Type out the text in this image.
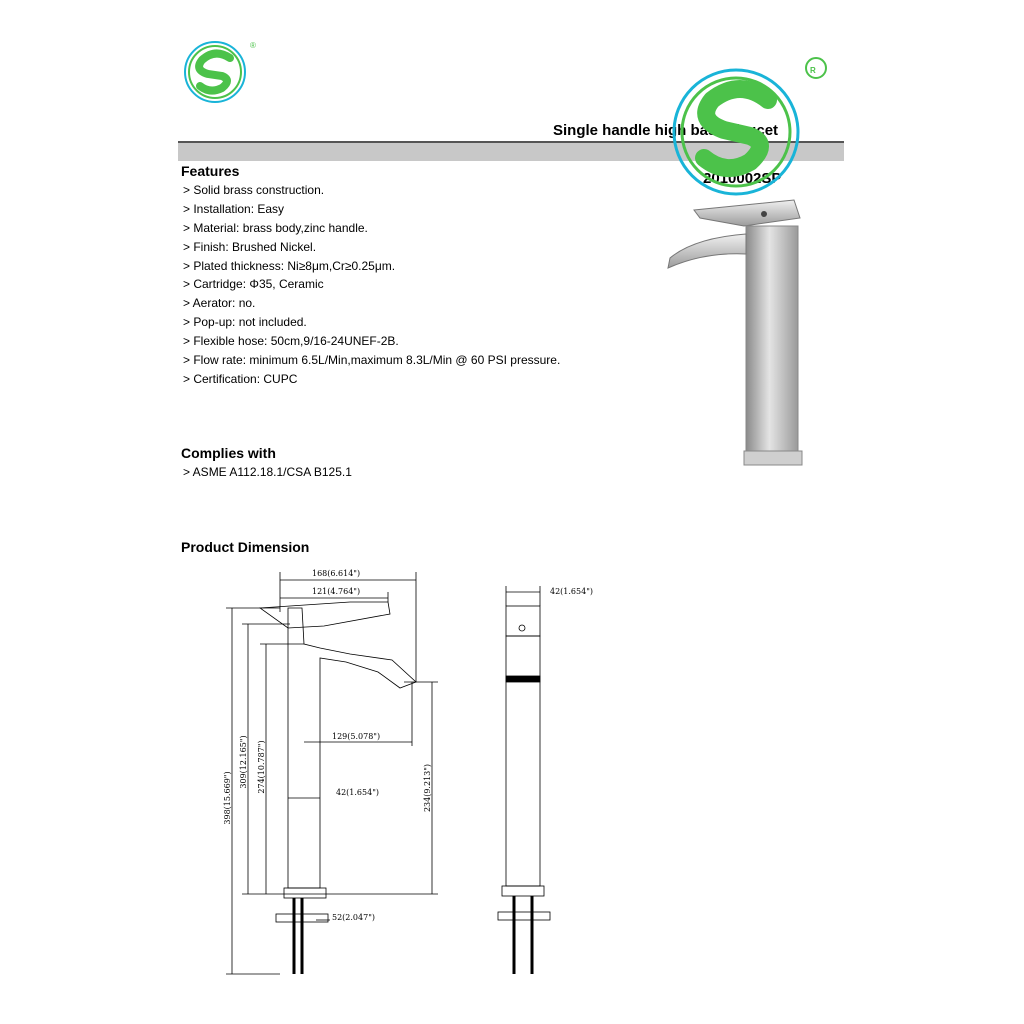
®
Single handle high basin faucet
2010002SP
R
Features
> Solid brass construction.
> Installation: Easy
> Material: brass body,zinc handle.
> Finish: Brushed Nickel.
> Plated thickness: Ni≥8μm,Cr≥0.25μm.
> Cartridge: Φ35, Ceramic
> Aerator: no.
> Pop-up: not included.
> Flexible hose: 50cm,9/16-24UNEF-2B.
> Flow rate: minimum 6.5L/Min,maximum 8.3L/Min @ 60 PSI pressure.
> Certification: CUPC
Complies with
> ASME A112.18.1/CSA B125.1
Product Dimension
168(6.614")
121(4.764")
129(5.078")
42(1.654")
42(1.654")
52(2.047")
398(15.669")
309(12.165") 274(10.787")	234(9.213")
